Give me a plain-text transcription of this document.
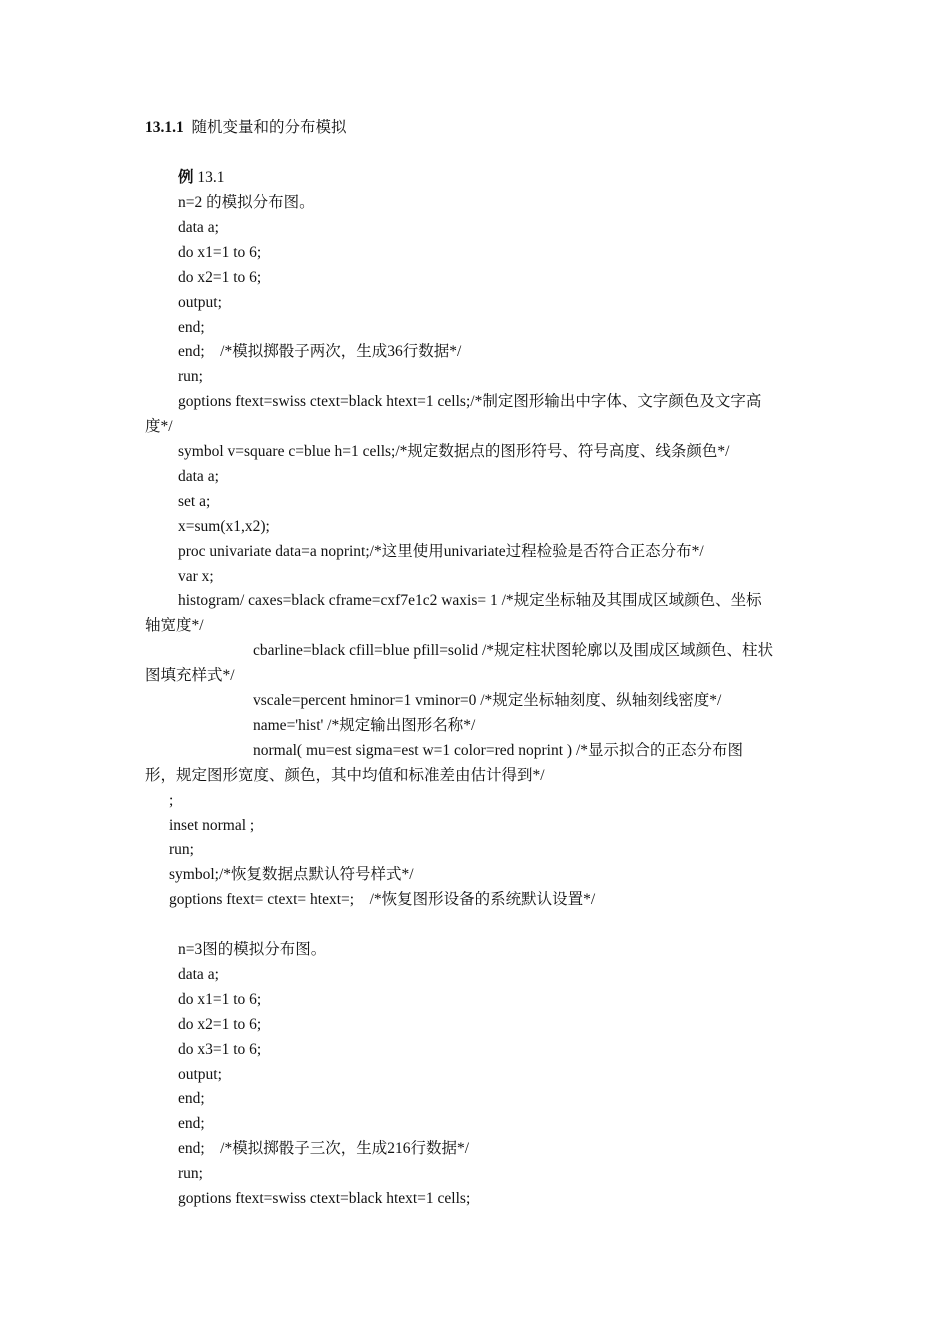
13.1.1 随机变量和的分布模拟
例 13.1
n=2 的模拟分布图。
data a;
do x1=1 to 6;
do x2=1 to 6;
output;
end;
end;    /*模拟掷骰子两次，生成36行数据*/
run;
goptions ftext=swiss ctext=black htext=1 cells;/*制定图形输出中字体、文字颜色及文字高
度*/
symbol v=square c=blue h=1 cells;/*规定数据点的图形符号、符号高度、线条颜色*/
data a;
set a;
x=sum(x1,x2);
proc univariate data=a noprint;/*这里使用univariate过程检验是否符合正态分布*/
var x;
histogram/ caxes=black cframe=cxf7e1c2 waxis= 1 /*规定坐标轴及其围成区域颜色、坐标
轴宽度*/
cbarline=black cfill=blue pfill=solid /*规定柱状图轮廓以及围成区域颜色、柱状
图填充样式*/
vscale=percent hminor=1 vminor=0 /*规定坐标轴刻度、纵轴刻线密度*/
name='hist' /*规定输出图形名称*/
normal( mu=est sigma=est w=1 color=red noprint ) /*显示拟合的正态分布图
形，规定图形宽度、颜色，其中均值和标准差由估计得到*/
;
inset normal ;
run;
symbol;/*恢复数据点默认符号样式*/
goptions ftext= ctext= htext=;    /*恢复图形设备的系统默认设置*/
n=3图的模拟分布图。
data a;
do x1=1 to 6;
do x2=1 to 6;
do x3=1 to 6;
output;
end;
end;
end;    /*模拟掷骰子三次，生成216行数据*/
run;
goptions ftext=swiss ctext=black htext=1 cells;
